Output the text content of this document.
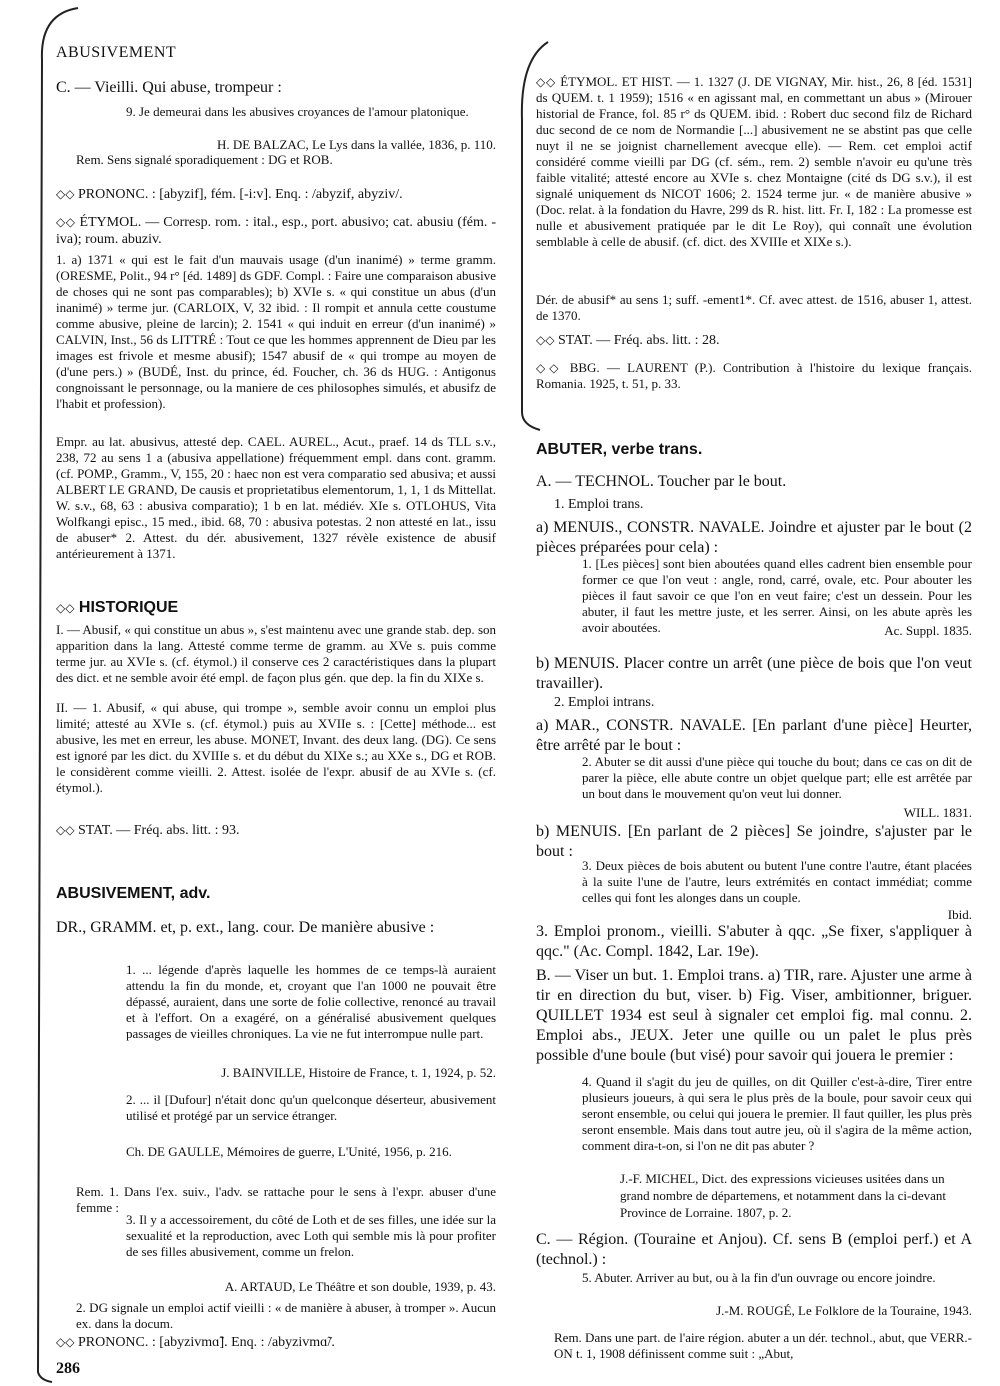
ABUSIVEMENT
C. — Vieilli. Qui abuse, trompeur :
9. Je demeurai dans les abusives croyances de l'amour platonique.
H. DE BALZAC, Le Lys dans la vallée, 1836, p. 110.
Rem. Sens signalé sporadiquement : DG et ROB.
◇◇ PRONONC. : [abyzif], fém. [-i:v]. Enq. : /abyzif, abyziv/.
◇◇ ÉTYMOL. — Corresp. rom. : ital., esp., port. abusivo; cat. abusiu (fém. -iva); roum. abuziv.
1. a) 1371 « qui est le fait d'un mauvais usage (d'un inanimé) » terme gramm. (ORESME, Polit., 94 r° [éd. 1489] ds GDF. Compl. : Faire une comparaison abusive de choses qui ne sont pas comparables); b) XVIe s. « qui constitue un abus (d'un inanimé) » terme jur. (CARLOIX, V, 32 ibid. : Il rompit et annula cette coustume comme abusive, pleine de larcin); 2. 1541 « qui induit en erreur (d'un inanimé) » CALVIN, Inst., 56 ds LITTRÉ : Tout ce que les hommes apprennent de Dieu par les images est frivole et mesme abusif); 1547 abusif de « qui trompe au moyen de (d'une pers.) » (BUDÉ, Inst. du prince, éd. Foucher, ch. 36 ds HUG. : Antigonus congnoissant le personnage, ou la maniere de ces philosophes simulés, et abusifz de l'habit et profession).
Empr. au lat. abusivus, attesté dep. CAEL. AUREL., Acut., praef. 14 ds TLL s.v., 238, 72 au sens 1 a (abusiva appellatione) fréquemment empl. dans cont. gramm. (cf. POMP., Gramm., V, 155, 20 : haec non est vera comparatio sed abusiva; et aussi ALBERT LE GRAND, De causis et proprietatibus elementorum, 1, 1, 1 ds Mittellat. W. s.v., 68, 63 : abusiva comparatio); 1 b en lat. médiév. XIe s. OTLOHUS, Vita Wolfkangi episc., 15 med., ibid. 68, 70 : abusiva potestas. 2 non attesté en lat., issu de abuser* 2. Attest. du dér. abusivement, 1327 révèle existence de abusif antérieurement à 1371.
◇◇ HISTORIQUE
I. — Abusif, « qui constitue un abus », s'est maintenu avec une grande stab. dep. son apparition dans la lang. Attesté comme terme de gramm. au XVe s. puis comme terme jur. au XVIe s. (cf. étymol.) il conserve ces 2 caractéristiques dans la plupart des dict. et ne semble avoir été empl. de façon plus gén. que dep. la fin du XIXe s.
II. — 1. Abusif, « qui abuse, qui trompe », semble avoir connu un emploi plus limité; attesté au XVIe s. (cf. étymol.) puis au XVIIe s. : [Cette] méthode... est abusive, les met en erreur, les abuse. MONET, Invant. des deux lang. (DG). Ce sens est ignoré par les dict. du XVIIIe s. et du début du XIXe s.; au XXe s., DG et ROB. le considèrent comme vieilli. 2. Attest. isolée de l'expr. abusif de au XVIe s. (cf. étymol.).
◇◇ STAT. — Fréq. abs. litt. : 93.
ABUSIVEMENT, adv.
DR., GRAMM. et, p. ext., lang. cour. De manière abusive :
1. ... légende d'après laquelle les hommes de ce temps-là auraient attendu la fin du monde, et, croyant que l'an 1000 ne pouvait être dépassé, auraient, dans une sorte de folie collective, renoncé au travail et à l'effort. On a exagéré, on a généralisé abusivement quelques passages de vieilles chroniques. La vie ne fut interrompue nulle part.
J. BAINVILLE, Histoire de France, t. 1, 1924, p. 52.
2. ... il [Dufour] n'était donc qu'un quelconque déserteur, abusivement utilisé et protégé par un service étranger.
Ch. DE GAULLE, Mémoires de guerre, L'Unité, 1956, p. 216.
Rem. 1. Dans l'ex. suiv., l'adv. se rattache pour le sens à l'expr. abuser d'une femme :
3. Il y a accessoirement, du côté de Loth et de ses filles, une idée sur la sexualité et la reproduction, avec Loth qui semble mis là pour profiter de ses filles abusivement, comme un frelon.
A. ARTAUD, Le Théâtre et son double, 1939, p. 43.
2. DG signale un emploi actif vieilli : « de manière à abuser, à tromper ». Aucun ex. dans la docum.
◇◇ PRONONC. : [abyzivmɑ̃]. Enq. : /abyzivmɑ̃/.
286
◇◇ ÉTYMOL. ET HIST. — 1. 1327 (J. DE VIGNAY, Mir. hist., 26, 8 [éd. 1531] ds QUEM. t. 1 1959); 1516 « en agissant mal, en commettant un abus » (Mirouer historial de France, fol. 85 r° ds QUEM. ibid. : Robert duc second filz de Richard duc second de ce nom de Normandie [...] abusivement ne se abstint pas que celle nuyt il ne se joignist charnellement avecque elle). — Rem. cet emploi actif considéré comme vieilli par DG (cf. sém., rem. 2) semble n'avoir eu qu'une très faible vitalité; attesté encore au XVIe s. chez Montaigne (cité ds DG s.v.), il est signalé uniquement ds NICOT 1606; 2. 1524 terme jur. « de manière abusive » (Doc. relat. à la fondation du Havre, 299 ds R. hist. litt. Fr. I, 182 : La promesse est nulle et abusivement pratiquée par le dit Le Roy), qui connaît une évolution semblable à celle de abusif. (cf. dict. des XVIIIe et XIXe s.).
Dér. de abusif* au sens 1; suff. -ement1*. Cf. avec attest. de 1516, abuser 1, attest. de 1370.
◇◇ STAT. — Fréq. abs. litt. : 28.
◇◇ BBG. — LAURENT (P.). Contribution à l'histoire du lexique français. Romania. 1925, t. 51, p. 33.
ABUTER, verbe trans.
A. — TECHNOL. Toucher par le bout.
1. Emploi trans.
a) MENUIS., CONSTR. NAVALE. Joindre et ajuster par le bout (2 pièces préparées pour cela) :
1. [Les pièces] sont bien aboutées quand elles cadrent bien ensemble pour former ce que l'on veut : angle, rond, carré, ovale, etc. Pour abouter les pièces il faut savoir ce que l'on en veut faire; c'est un dessein. Pour les abuter, il faut les mettre juste, et les serrer. Ainsi, on les abute après les avoir aboutées.	Ac. Suppl. 1835.
b) MENUIS. Placer contre un arrêt (une pièce de bois que l'on veut travailler).
2. Emploi intrans.
a) MAR., CONSTR. NAVALE. [En parlant d'une pièce] Heurter, être arrêté par le bout :
2. Abuter se dit aussi d'une pièce qui touche du bout; dans ce cas on dit de parer la pièce, elle abute contre un objet quelque part; elle est arrêtée par un bout dans le mouvement qu'on veut lui donner.
WILL. 1831.
b) MENUIS. [En parlant de 2 pièces] Se joindre, s'ajuster par le bout :
3. Deux pièces de bois abutent ou butent l'une contre l'autre, étant placées à la suite l'une de l'autre, leurs extrémités en contact immédiat; comme celles qui font les alonges dans un couple.
Ibid.
3. Emploi pronom., vieilli. S'abuter à qqc. „Se fixer, s'appliquer à qqc." (Ac. Compl. 1842, Lar. 19e).
B. — Viser un but. 1. Emploi trans. a) TIR, rare. Ajuster une arme à tir en direction du but, viser. b) Fig. Viser, ambitionner, briguer. QUILLET 1934 est seul à signaler cet emploi fig. mal connu. 2. Emploi abs., JEUX. Jeter une quille ou un palet le plus près possible d'une boule (but visé) pour savoir qui jouera le premier :
4. Quand il s'agit du jeu de quilles, on dit Quiller c'est-à-dire, Tirer entre plusieurs joueurs, à qui sera le plus près de la boule, pour savoir ceux qui seront ensemble, ou celui qui jouera le premier. Il faut quiller, les plus près seront ensemble. Mais dans tout autre jeu, où il s'agira de la même action, comment dira-t-on, si l'on ne dit pas abuter ?
J.-F. MICHEL, Dict. des expressions vicieuses usitées dans un grand nombre de départemens, et notamment dans la ci-devant Province de Lorraine. 1807, p. 2.
C. — Région. (Touraine et Anjou). Cf. sens B (emploi perf.) et A (technol.) :
5. Abuter. Arriver au but, ou à la fin d'un ouvrage ou encore joindre.
J.-M. ROUGÉ, Le Folklore de la Touraine, 1943.
Rem. Dans une part. de l'aire région. abuter a un dér. technol., abut, que VERR.-ON t. 1, 1908 définissent comme suit : „Abut,
